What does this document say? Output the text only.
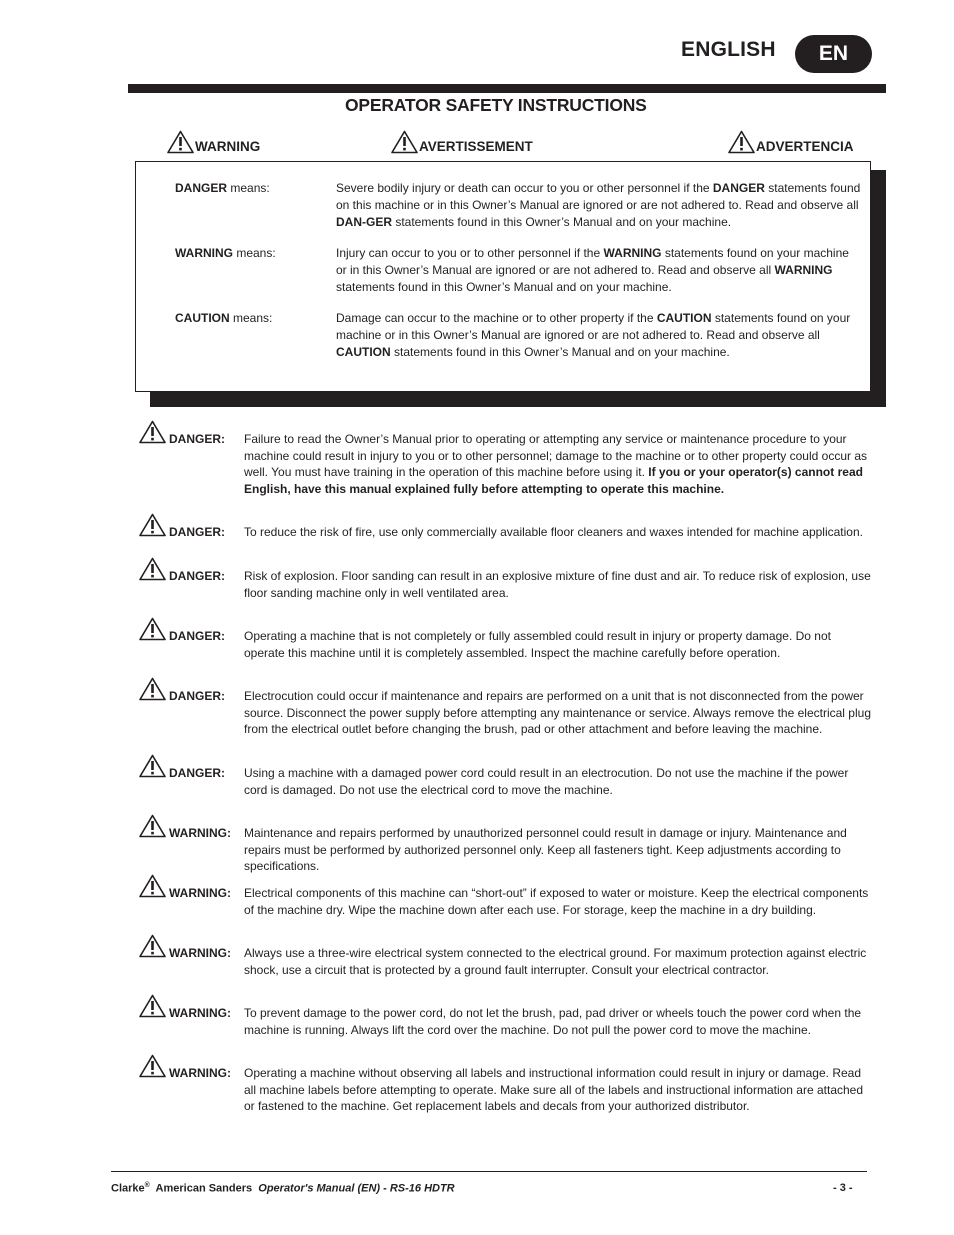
ENGLISH	EN
OPERATOR SAFETY INSTRUCTIONS
WARNING	AVERTISSEMENT	ADVERTENCIA
DANGER means:	Severe bodily injury or death can occur to you or other personnel if the DANGER statements found on this machine or in this Owner’s Manual are ignored or are not adhered to. Read and observe all DAN-GER statements found in this Owner’s Manual and on your machine.
WARNING means:	Injury can occur to you or to other personnel if the WARNING statements found on your machine or in this Owner’s Manual are ignored or are not adhered to. Read and observe all WARNING statements found in this Owner’s Manual and on your machine.
CAUTION means:	Damage can occur to the machine or to other property if the CAUTION statements found on your machine or in this Owner’s Manual are ignored or are not adhered to. Read and observe all CAUTION statements found in this Owner’s Manual and on your machine.
DANGER: Failure to read the Owner’s Manual prior to operating or attempting any service or maintenance procedure to your machine could result in injury to you or to other personnel; damage to the machine or to other property could occur as well. You must have training in the operation of this machine before using it. If you or your operator(s) cannot read English, have this manual explained fully before attempting to operate this machine.
DANGER: To reduce the risk of fire, use only commercially available floor cleaners and waxes intended for machine application.
DANGER: Risk of explosion. Floor sanding can result in an explosive mixture of fine dust and air. To reduce risk of explosion, use floor sanding machine only in well ventilated area.
DANGER: Operating a machine that is not completely or fully assembled could result in injury or property damage. Do not operate this machine until it is completely assembled. Inspect the machine carefully before operation.
DANGER: Electrocution could occur if maintenance and repairs are performed on a unit that is not disconnected from the power source. Disconnect the power supply before attempting any maintenance or service. Always remove the electrical plug from the electrical outlet before changing the brush, pad or other attachment and before leaving the machine.
DANGER: Using a machine with a damaged power cord could result in an electrocution. Do not use the machine if the power cord is damaged. Do not use the electrical cord to move the machine.
WARNING: Maintenance and repairs performed by unauthorized personnel could result in damage or injury. Maintenance and repairs must be performed by authorized personnel only. Keep all fasteners tight. Keep adjustments according to specifications.
WARNING: Electrical components of this machine can “short-out” if exposed to water or moisture. Keep the electrical components of the machine dry. Wipe the machine down after each use. For storage, keep the machine in a dry building.
WARNING: Always use a three-wire electrical system connected to the electrical ground. For maximum protection against electric shock, use a circuit that is protected by a ground fault interrupter. Consult your electrical contractor.
WARNING: To prevent damage to the power cord, do not let the brush, pad, pad driver or wheels touch the power cord when the machine is running. Always lift the cord over the machine. Do not pull the power cord to move the machine.
WARNING: Operating a machine without observing all labels and instructional information could result in injury or damage. Read all machine labels before attempting to operate. Make sure all of the labels and instructional information are attached or fastened to the machine. Get replacement labels and decals from your authorized distributor.
Clarke® American Sanders Operator's Manual (EN) - RS-16 HDTR	- 3 -
